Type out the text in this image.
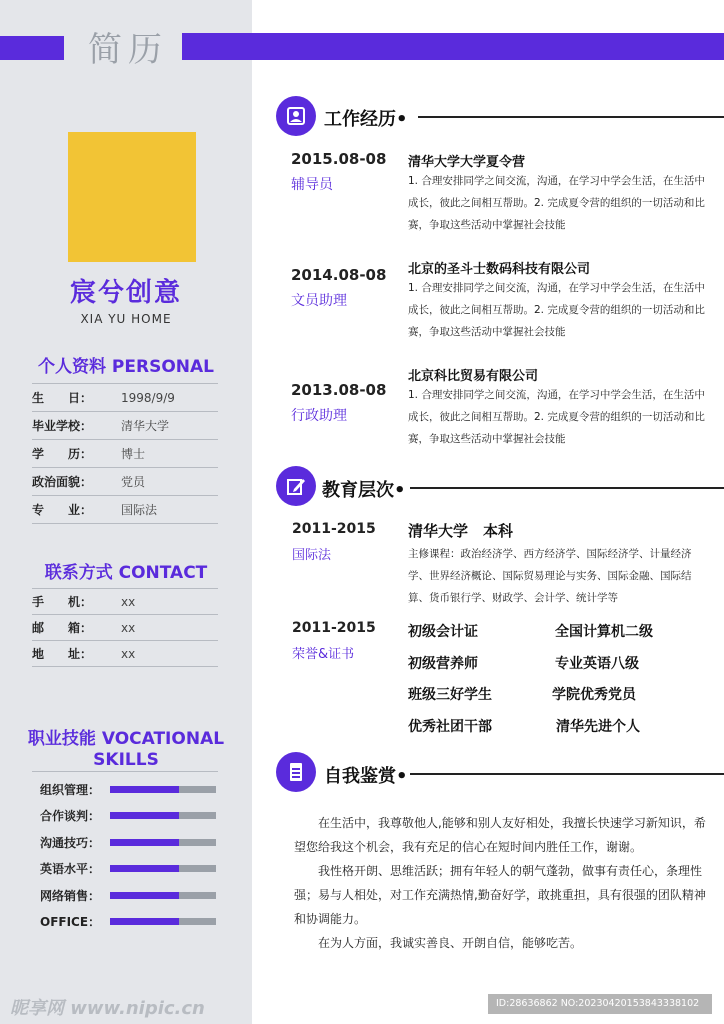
简历
宸兮创意
XIA YU HOME
个人资料 PERSONAL
生　　日：	1998/9/9
毕业学校：	清华大学
学　　历：	博士
政治面貌：	党员
专　　业：	国际法
联系方式 CONTACT
手　　机：	xx
邮　　箱：	xx
地　　址：	xx
职业技能 VOCATIONAL
SKILLS
组织管理：
合作谈判：
沟通技巧：
英语水平：
网络销售：
OFFICE：
工作经历•
2015.08-08
辅导员
清华大学大学夏令营
1. 合理安排同学之间交流，沟通，在学习中学会生活，在生活中成长，彼此之间相互帮助。2. 完成夏令营的组织的一切活动和比赛，争取这些活动中掌握社会技能
2014.08-08
文员助理
北京的圣斗士数码科技有限公司
1. 合理安排同学之间交流，沟通，在学习中学会生活，在生活中成长，彼此之间相互帮助。2. 完成夏令营的组织的一切活动和比赛，争取这些活动中掌握社会技能
2013.08-08
行政助理
北京科比贸易有限公司
1. 合理安排同学之间交流，沟通，在学习中学会生活，在生活中成长，彼此之间相互帮助。2. 完成夏令营的组织的一切活动和比赛，争取这些活动中掌握社会技能
教育层次•
2011-2015
国际法
清华大学　本科
主修课程：政治经济学、西方经济学、国际经济学、计量经济学、世界经济概论、国际贸易理论与实务、国际金融、国际结算、货币银行学、财政学、会计学、统计学等
2011-2015
荣誉&证书
初级会计证	全国计算机二级
初级营养师	专业英语八级
班级三好学生	学院优秀党员
优秀社团干部	清华先进个人
自我鉴赏•
在生活中，我尊敬他人,能够和别人友好相处，我擅长快速学习新知识，希望您给我这个机会，我有充足的信心在短时间内胜任工作，谢谢。
我性格开朗、思维活跃；拥有年轻人的朝气蓬勃，做事有责任心，条理性强；易与人相处，对工作充满热情,勤奋好学，敢挑重担，具有很强的团队精神和协调能力。
在为人方面，我诚实善良、开朗自信，能够吃苦。
昵享网 www.nipic.cn	ID:28636862 NO:20230420153843338102
